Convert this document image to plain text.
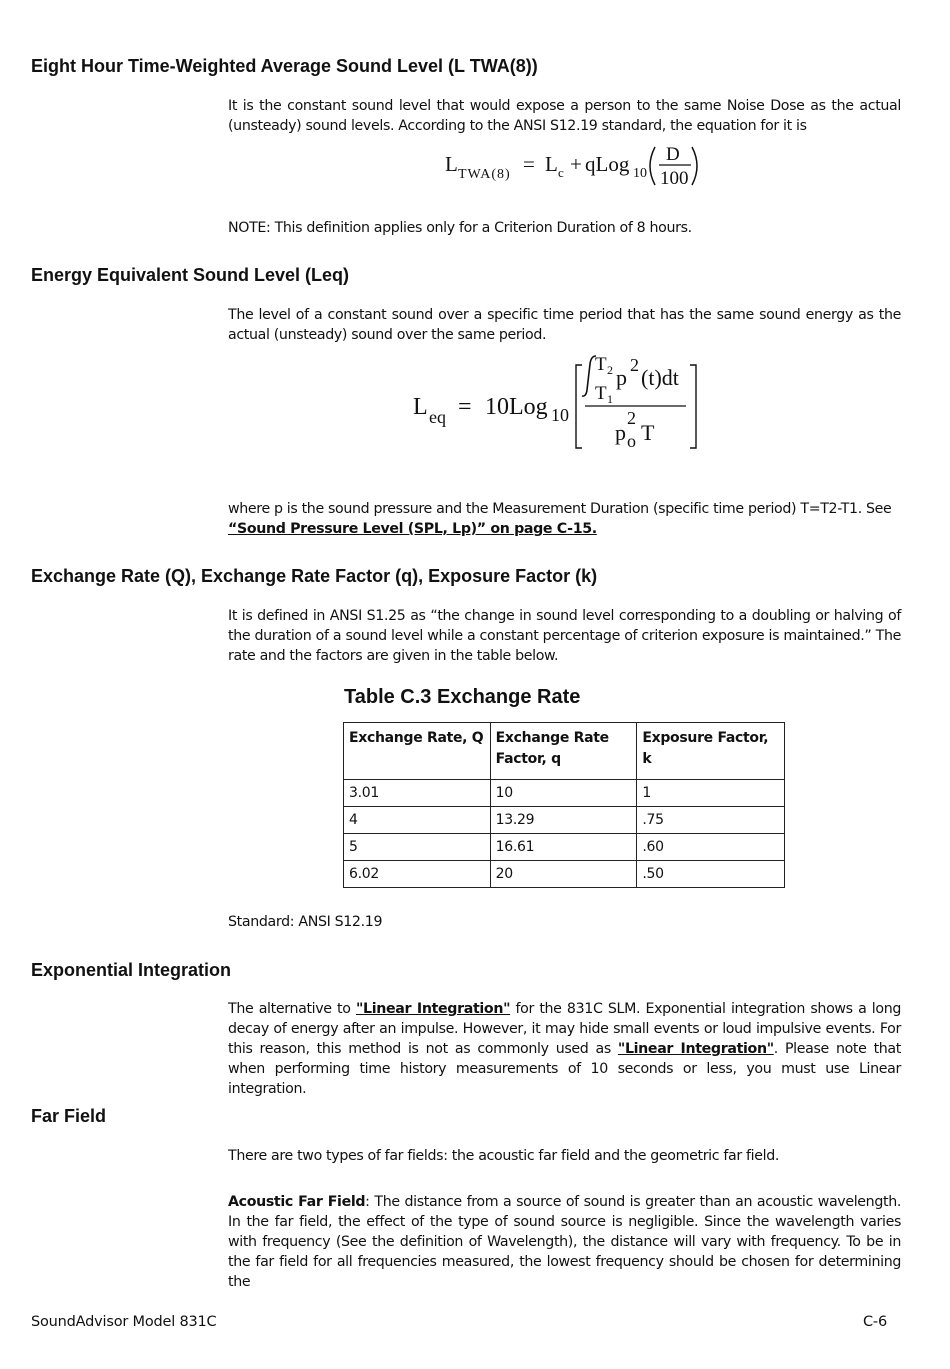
Eight Hour Time-Weighted Average Sound Level (L TWA(8))

It is the constant sound level that would expose a person to the same Noise Dose as the actual (unsteady) sound levels. According to the ANSI S12.19 standard, the equation for it is

L TWA(8) = L c + qLog 10
D
100

NOTE: This definition applies only for a Criterion Duration of 8 hours.

Energy Equivalent Sound Level (Leq)

The level of a constant sound over a specific time period that has the same sound energy as the actual (unsteady) sound over the same period.

L eq = 10Log 10
T 2
T 1
p 2 (t)dt
p
2
o T

where p is the sound pressure and the Measurement Duration (specific time period) T=T2-T1. See
“Sound Pressure Level (SPL, Lp)” on page C-15.

Exchange Rate (Q), Exchange Rate Factor (q), Exposure Factor (k)

It is defined in ANSI S1.25 as “the change in sound level corresponding to a doubling or halving of the duration of a sound level while a constant percentage of criterion exposure is maintained.” The rate and the factors are given in the table below.

Table C.3 Exchange Rate
Exchange Rate, Q	Exchange Rate Factor, q	Exposure Factor, k
3.01	10	1
4	13.29	.75
5	16.61	.60
6.02	20	.50

Standard: ANSI S12.19

Exponential Integration

The alternative to "Linear Integration" for the 831C SLM. Exponential integration shows a long decay of energy after an impulse. However, it may hide small events or loud impulsive events. For this reason, this method is not as commonly used as "Linear Integration". Please note that when performing time history measurements of 10 seconds or less, you must use Linear integration.

Far Field

There are two types of far fields: the acoustic far field and the geometric far field.

Acoustic Far Field: The distance from a source of sound is greater than an acoustic wavelength. In the far field, the effect of the type of sound source is negligible. Since the wavelength varies with frequency (See the definition of Wavelength), the distance will vary with frequency. To be in the far field for all frequencies measured, the lowest frequency should be chosen for determining the

SoundAdvisor Model 831C	C-6
